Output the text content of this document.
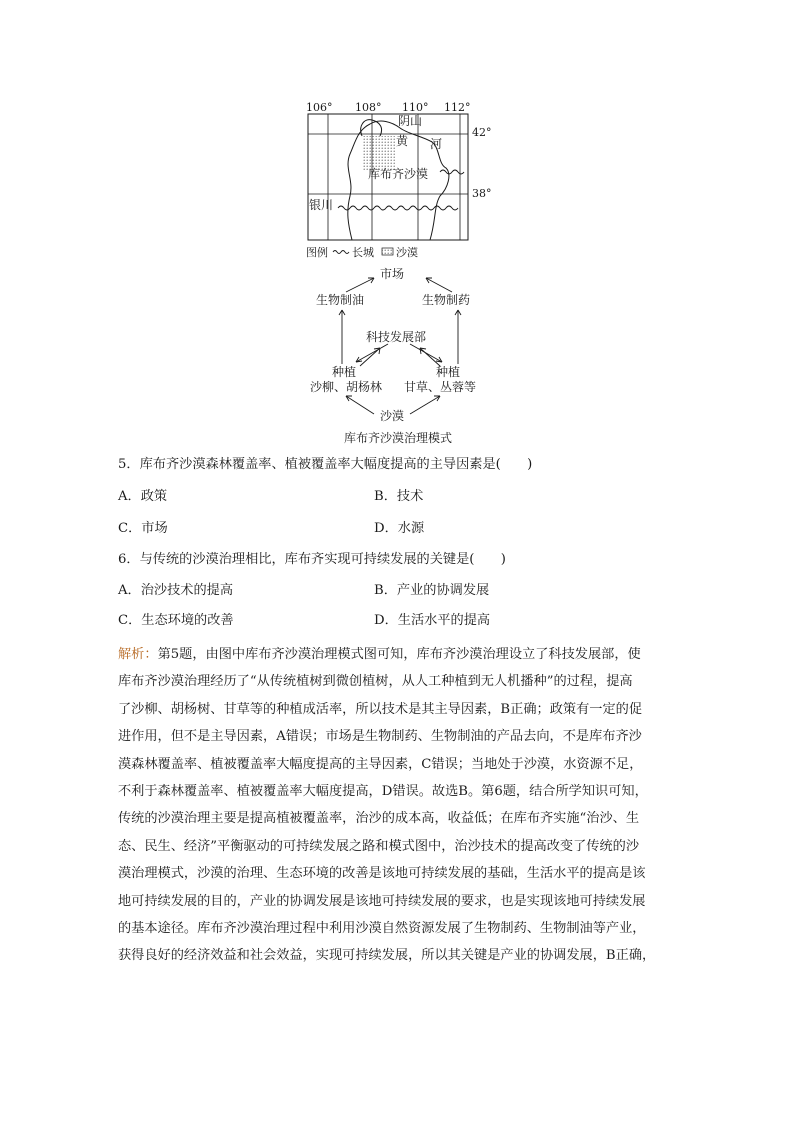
106° 108° 110° 112°
42°
38°
阴山
黄 河
库布齐沙漠
银川
图例 长城 沙漠
市场
生物制油	生物制药
科技发展部
种植
沙柳、胡杨林
种植
甘草、丛蓉等
沙漠
库布齐沙漠治理模式
5．库布齐沙漠森林覆盖率、植被覆盖率大幅度提高的主导因素是(　　)
A．政策	B．技术
C．市场	D．水源
6．与传统的沙漠治理相比，库布齐实现可持续发展的关键是(　　)
A．治沙技术的提高	B．产业的协调发展
C．生态环境的改善	D．生活水平的提高
解析：第5题，由图中库布齐沙漠治理模式图可知，库布齐沙漠治理设立了科技发展部，使
库布齐沙漠治理经历了“从传统植树到微创植树，从人工种植到无人机播种”的过程，提高
了沙柳、胡杨树、甘草等的种植成活率，所以技术是其主导因素，B正确；政策有一定的促
进作用，但不是主导因素，A错误；市场是生物制药、生物制油的产品去向，不是库布齐沙
漠森林覆盖率、植被覆盖率大幅度提高的主导因素，C错误；当地处于沙漠，水资源不足，
不利于森林覆盖率、植被覆盖率大幅度提高，D错误。故选B。第6题，结合所学知识可知，
传统的沙漠治理主要是提高植被覆盖率，治沙的成本高，收益低；在库布齐实施“治沙、生
态、民生、经济”平衡驱动的可持续发展之路和模式图中，治沙技术的提高改变了传统的沙
漠治理模式，沙漠的治理、生态环境的改善是该地可持续发展的基础，生活水平的提高是该
地可持续发展的目的，产业的协调发展是该地可持续发展的要求，也是实现该地可持续发展
的基本途径。库布齐沙漠治理过程中利用沙漠自然资源发展了生物制药、生物制油等产业，
获得良好的经济效益和社会效益，实现可持续发展，所以其关键是产业的协调发展，B正确，
